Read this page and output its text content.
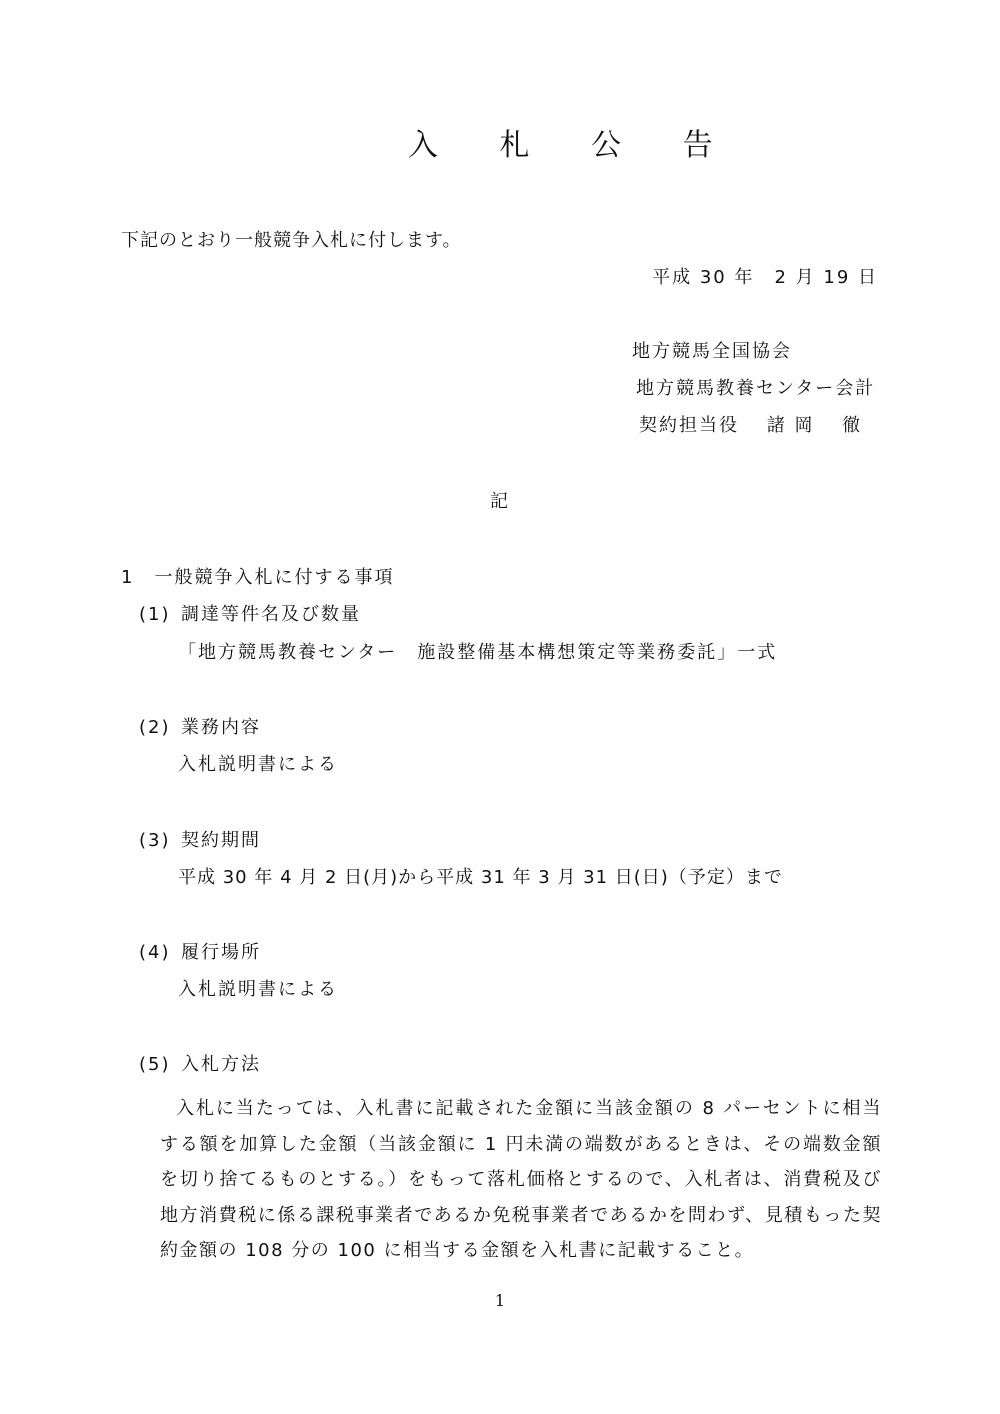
入 札 公 告
下記のとおり一般競争入札に付します。
平成 30 年　2 月 19 日
地方競馬全国協会
地方競馬教養センター会計
契約担当役　 諸 岡　 徹
記
1　一般競争入札に付する事項
(1) 調達等件名及び数量
「地方競馬教養センター　施設整備基本構想策定等業務委託」一式
(2) 業務内容
入札説明書による
(3) 契約期間
平成 30 年 4 月 2 日(月)から平成 31 年 3 月 31 日(日)（予定）まで
(4) 履行場所
入札説明書による
(5) 入札方法
入札に当たっては、入札書に記載された金額に当該金額の 8 パーセントに相当する額を加算した金額（当該金額に 1 円未満の端数があるときは、その端数金額を切り捨てるものとする。）をもって落札価格とするので、入札者は、消費税及び地方消費税に係る課税事業者であるか免税事業者であるかを問わず、見積もった契約金額の 108 分の 100 に相当する金額を入札書に記載すること。
1
